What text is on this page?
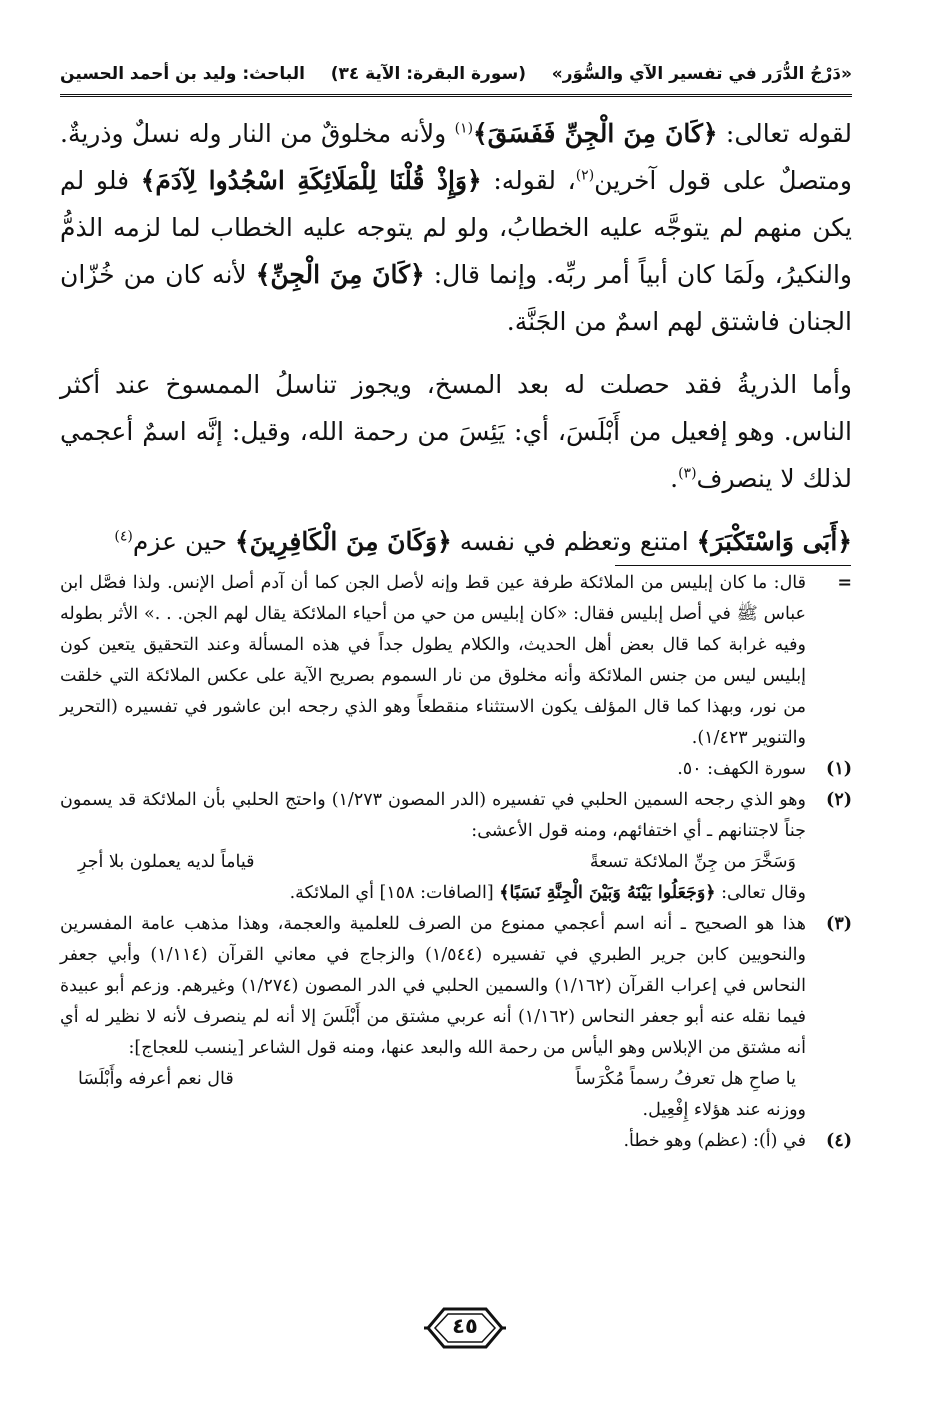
«دَرْجُ الدُّرَر في تفسير الآي والسُّوَر»
(سورة البقرة: الآية ٣٤)
الباحث: وليد بن أحمد الحسين

لقوله تعالى: ﴿كَانَ مِنَ الْجِنِّ فَفَسَقَ﴾$^{(١)}$ ولأنه مخلوقٌ من النار وله نسلٌ وذريةٌ. ومتصلٌ على قول آخرين$^{(٢)}$، لقوله: ﴿وَإِذْ قُلْنَا لِلْمَلَائِكَةِ اسْجُدُوا لِآدَمَ﴾ فلو لم يكن منهم لم يتوجَّه عليه الخطابُ، ولو لم يتوجه عليه الخطاب لما لزمه الذمُّ والنكيرُ، ولَمَا كان أبياً أمر ربِّه. وإنما قال: ﴿كَانَ مِنَ الْجِنِّ﴾ لأنه كان من خُزّان الجنان فاشتق لهم اسمٌ من الجَنَّة.

وأما الذريةُ فقد حصلت له بعد المسخ، ويجوز تناسلُ الممسوخ عند أكثر الناس. وهو إفعيل من أَبْلَسَ، أي: يَئِسَ من رحمة الله، وقيل: إنَّه اسمٌ أعجمي لذلك لا ينصرف$^{(٣)}$.

﴿أَبَى وَاسْتَكْبَرَ﴾ امتنع وتعظم في نفسه ﴿وَكَانَ مِنَ الْكَافِرِينَ﴾ حين عزم$^{(٤)}$

=
قال: ما كان إبليس من الملائكة طرفة عين قط وإنه لأصل الجن كما أن آدم أصل الإنس. ولذا فصَّل ابن عباس ﷺ في أصل إبليس فقال: «كان إبليس من حي من أحياء الملائكة يقال لهم الجن. . .» الأثر بطوله وفيه غرابة كما قال بعض أهل الحديث، والكلام يطول جداً في هذه المسألة وعند التحقيق يتعين كون إبليس ليس من جنس الملائكة وأنه مخلوق من نار السموم بصريح الآية على عكس الملائكة التي خلقت من نور، وبهذا كما قال المؤلف يكون الاستثناء منقطعاً وهو الذي رجحه ابن عاشور في تفسيره (التحرير والتنوير ١/٤٢٣).
(١)
سورة الكهف: ٥٠.
(٢)

وهو الذي رجحه السمين الحلبي في تفسيره (الدر المصون ١/٢٧٣) واحتج الحلبي بأن الملائكة قد يسمون جناً لاجتنانهم ـ أي اختفائهم، ومنه قول الأعشى:

وَسَخَّرَ من جِنِّ الملائكة تسعةً
قياماً لديه يعملون بلا أجرِ

وقال تعالى: ﴿وَجَعَلُوا بَيْنَهُ وَبَيْنَ الْجِنَّةِ نَسَبًا﴾ [الصافات: ١٥٨] أي الملائكة.

(٣)

هذا هو الصحيح ـ أنه اسم أعجمي ممنوع من الصرف للعلمية والعجمة، وهذا مذهب عامة المفسرين والنحويين كابن جرير الطبري في تفسيره (١/٥٤٤) والزجاج في معاني القرآن (١/١١٤) وأبي جعفر النحاس في إعراب القرآن (١/١٦٢) والسمين الحلبي في الدر المصون (١/٢٧٤) وغيرهم. وزعم أبو عبيدة فيما نقله عنه أبو جعفر النحاس (١/١٦٢) أنه عربي مشتق من أَبْلَسَ إلا أنه لم ينصرف لأنه لا نظير له أي أنه مشتق من الإبلاس وهو اليأس من رحمة الله والبعد عنها، ومنه قول الشاعر [ينسب للعجاج]:

يا صاحِ هل تعرفُ رسماً مُكْرَساً
قال نعم أعرفه وأَبْلَسَا

ووزنه عند هؤلاء إِفْعِيل.

(٤)
في (أ): (عظم) وهو خطأ.
٤٥
